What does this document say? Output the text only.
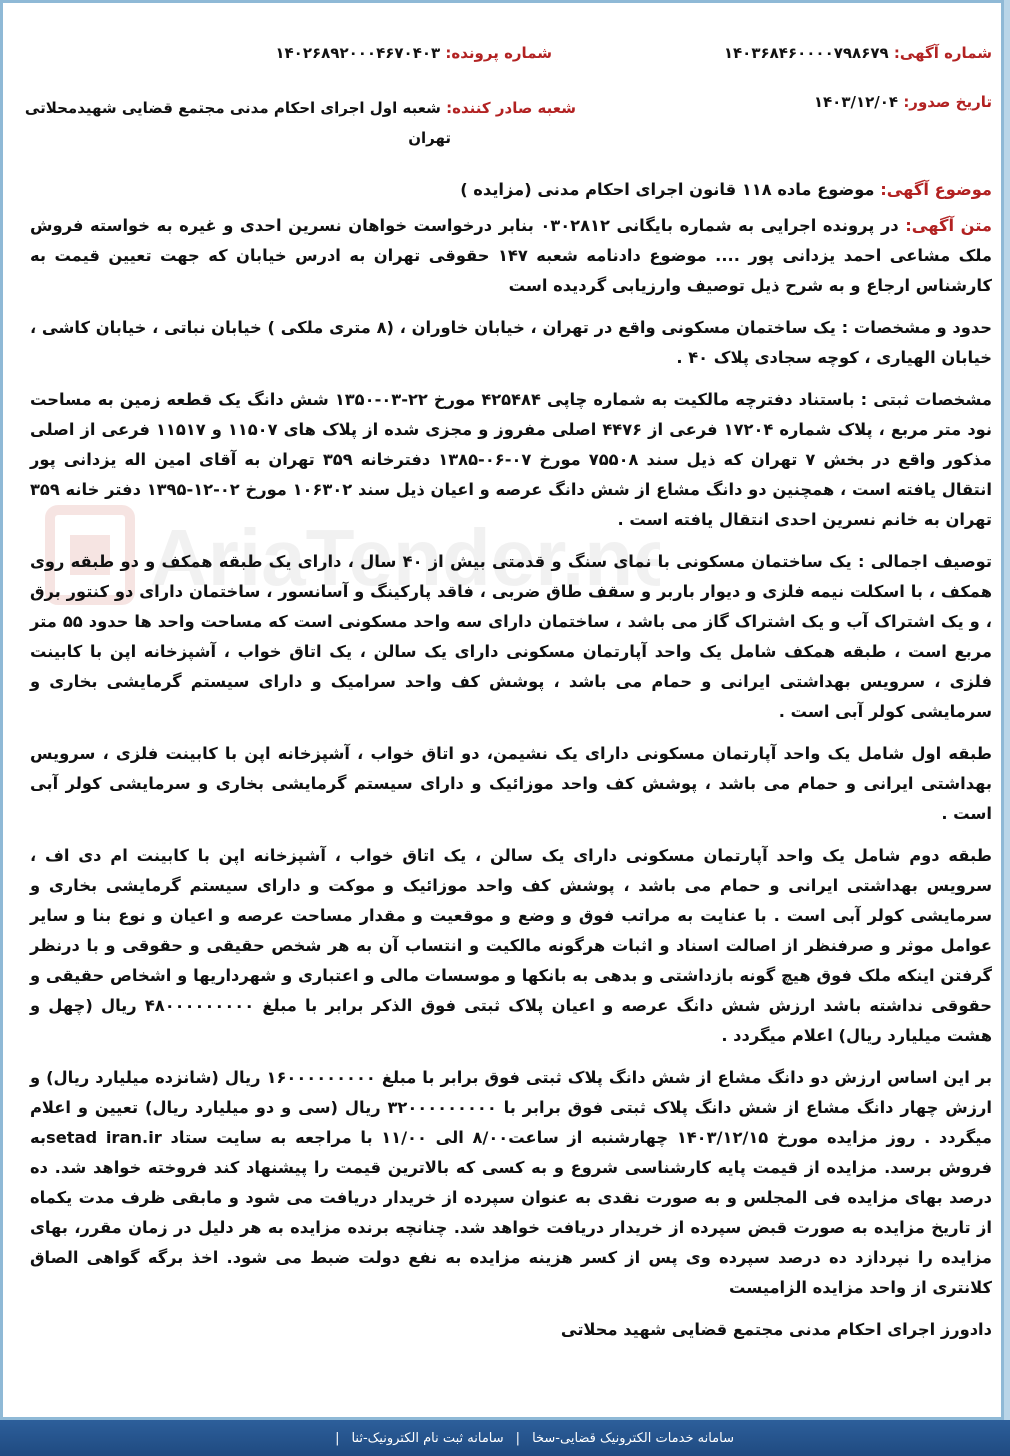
شماره آگهی: ۱۴۰۳۶۸۴۶۰۰۰۰۷۹۸۶۷۹
شماره پرونده: ۱۴۰۲۶۸۹۲۰۰۰۴۶۷۰۴۰۳
تاریخ صدور: ۱۴۰۳/۱۲/۰۴
شعبه صادر کننده: شعبه اول اجرای احکام مدنی مجتمع قضایی شهیدمحلاتی
تهران

موضوع آگهی: موضوع ماده ۱۱۸ قانون اجرای احکام مدنی (مزایده )

متن آگهی: در پرونده اجرایی به شماره بایگانی ۰۳۰۲۸۱۲ بنابر درخواست خواهان نسرین احدی و غیره به خواسته فروش ملک مشاعی احمد یزدانی پور .... موضوع دادنامه شعبه ۱۴۷ حقوقی تهران به ادرس خیابان که جهت تعیین قیمت به کارشناس ارجاع و به شرح ذیل توصیف وارزیابی گردیده است

حدود و مشخصات : یک ساختمان مسکونی واقع در تهران ، خیابان خاوران ، (۸ متری ملکی ) خیابان نباتی ، خیابان کاشی ، خیابان الهیاری ، کوچه سجادی پلاک ۴۰ .

مشخصات ثبتی : باستناد دفترچه مالکیت به شماره چاپی ۴۲۵۴۸۴ مورخ ۲۲-۰۳-۱۳۵۰ شش دانگ یک قطعه زمین به مساحت نود متر مربع ، پلاک شماره ۱۷۲۰۴ فرعی از ۴۴۷۶ اصلی مفروز و مجزی شده از پلاک های ۱۱۵۰۷ و ۱۱۵۱۷ فرعی از اصلی مذکور واقع در بخش ۷ تهران که ذیل سند ۷۵۵۰۸ مورخ ۰۷-۰۶-۱۳۸۵ دفترخانه ۳۵۹ تهران به آقای امین اله یزدانی پور انتقال یافته است ، همچنین دو دانگ مشاع از شش دانگ عرصه و اعیان ذیل سند ۱۰۶۳۰۲ مورخ ۰۲-۱۲-۱۳۹۵ دفتر خانه ۳۵۹ تهران به خانم نسرین احدی انتقال یافته است .

توصیف اجمالی : یک ساختمان مسکونی با نمای سنگ و قدمتی بیش از ۴۰ سال ، دارای یک طبقه همکف و دو طبقه روی همکف ، با اسکلت نیمه فلزی و دیوار باربر و سقف طاق ضربی ، فاقد پارکینگ و آسانسور ، ساختمان دارای دو کنتور برق ، و یک اشتراک آب و یک اشتراک گاز می باشد ، ساختمان دارای سه واحد مسکونی است که مساحت واحد ها حدود ۵۵ متر مربع است ، طبقه همکف شامل یک واحد آپارتمان مسکونی دارای یک سالن ، یک اتاق خواب ، آشپزخانه اپن با کابینت فلزی ، سرویس بهداشتی ایرانی و حمام می باشد ، پوشش کف واحد سرامیک و دارای سیستم گرمایشی بخاری و سرمایشی کولر آبی است .

طبقه اول شامل یک واحد آپارتمان مسکونی دارای یک نشیمن، دو اتاق خواب ، آشپزخانه اپن با کابینت فلزی ، سرویس بهداشتی ایرانی و حمام می باشد ، پوشش کف واحد موزائیک و دارای سیستم گرمایشی بخاری و سرمایشی کولر آبی است .

طبقه دوم شامل یک واحد آپارتمان مسکونی دارای یک سالن ، یک اتاق خواب ، آشپزخانه اپن با کابینت ام دی اف ، سرویس بهداشتی ایرانی و حمام می باشد ، پوشش کف واحد موزائیک و موکت و دارای سیستم گرمایشی بخاری و سرمایشی کولر آبی است . با عنایت به مراتب فوق و وضع و موقعیت و مقدار مساحت عرصه و اعیان و نوع بنا و سایر عوامل موثر و صرفنظر از اصالت اسناد و اثبات هرگونه مالکیت و انتساب آن به هر شخص حقیقی و حقوقی و با درنظر گرفتن اینکه ملک فوق هیچ گونه بازداشتی و بدهی به بانکها و موسسات مالی و اعتباری و شهرداریها و اشخاص حقیقی و حقوقی نداشته باشد ارزش شش دانگ عرصه و اعیان پلاک ثبتی فوق الذکر برابر با مبلغ ۴۸۰۰۰۰۰۰۰۰۰ ریال (چهل و هشت میلیارد ریال) اعلام میگردد .

بر این اساس ارزش دو دانگ مشاع از شش دانگ پلاک ثبتی فوق برابر با مبلغ ۱۶۰۰۰۰۰۰۰۰۰ ریال (شانزده میلیارد ریال) و ارزش چهار دانگ مشاع از شش دانگ پلاک ثبتی فوق برابر با ۳۲۰۰۰۰۰۰۰۰۰ ریال (سی و دو میلیارد ریال) تعیین و اعلام میگردد . روز مزایده مورخ ۱۴۰۳/۱۲/۱۵ چهارشنبه از ساعت۸/۰۰ الی ۱۱/۰۰ با مراجعه به سایت ستاد setad iran.irبه فروش برسد. مزایده از قیمت پایه کارشناسی شروع و به کسی که بالاترین قیمت را پیشنهاد کند فروخته خواهد شد. ده درصد بهای مزایده فی المجلس و به صورت نقدی به عنوان سپرده از خریدار دریافت می شود و مابقی ظرف مدت یکماه از تاریخ مزایده به صورت قبض سپرده از خریدار دریافت خواهد شد. چنانچه برنده مزایده به هر دلیل در زمان مقرر، بهای مزایده را نپردازد ده درصد سپرده وی پس از کسر هزینه مزایده به نفع دولت ضبط می شود. اخذ برگه گواهی الصاق کلانتری از واحد مزایده الزامیست

دادورز اجرای احکام مدنی مجتمع قضایی شهید محلاتی

سامانه خدمات الکترونیک قضایی-سخا
|
سامانه ثبت نام الکترونیک-ثنا
|
